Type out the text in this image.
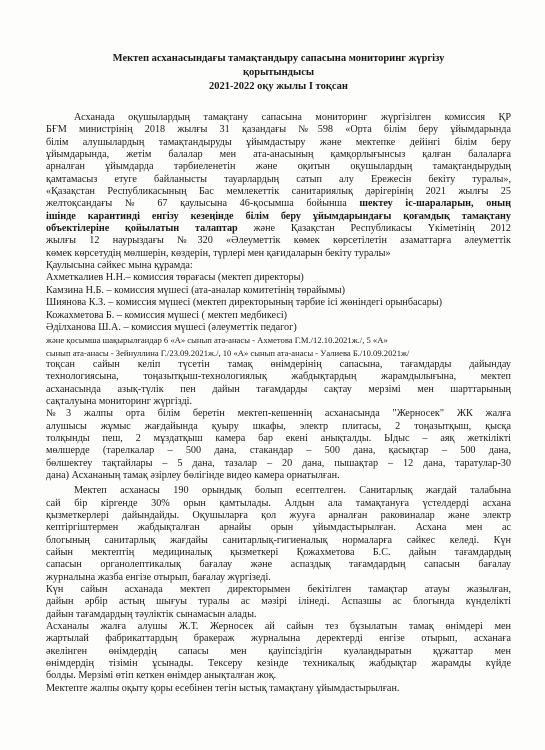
Мектеп асханасындағы тамақтандыру сапасына мониторинг жүргізу
қорытындысы
2021-2022 оқу жылы I тоқсан
Асханада оқушылардың тамақтану сапасына мониторинг жүргізілген комиссия ҚР
БҒМ министрінің 2018 жылғы 31 қазандағы №598 «Орта білім беру ұйымдарында
білім алушылардың тамақтандыруды ұйымдастыру және мектепке дейінгі білім беру
ұйымдарында, жетім балалар мен ата-анасының қамқорлығынсыз қалған балаларға
арналған ұйымдарда тәрбиеленетін және оқитын оқушылардың тамақтандырудың
қамтамасыз етуге байланысты тауарлардың сатып алу Ережесін бекіту туралы»,
«Қазақстан Республикасының Бас мемлекеттік санитариялық дәрігерінің 2021 жылғы 25
желтоқсандағы № 67 қаулысына 46-қосымша бойынша шектеу іс-шараларын, оның
ішінде карантинді енгізу кезеңінде білім беру ұйымдарындағы қоғамдық тамақтану
объектілеріне қойылатын талаптар және Қазақстан Республикасы Үкіметінің 2012
жылғы 12 наурыздағы №320 «Әлеуметтік көмек көрсетілетін азаматтарға әлеуметтік
көмек көрсетудің мөлшерін, көздерін, түрлері мен қағидаларын бекіту туралы»
Қаулысына сәйкес мына құрамда:
Ахметкалиев Н.Н.– комиссия төрағасы (мектеп директоры)
Камзина Н.Б. – комиссия мүшесі (ата-аналар комитетінің төрайымы)
Шиянова К.З. – комиссия мүшесі (мектеп директорының тәрбие ісі жөніндегі орынбасары)
Кожахметова Б. – комиссия мүшесі ( мектеп медбикесі)
Әділханова Ш.А. – комиссия мүшесі (әлеуметтік педагог)
және қосымша шақырылғандар 6 «А» сынып ата-анасы - Ахметова Г.М./12.10.2021ж./, 5 «А»
сынып ата-анасы - Зейнуллина Г./23.09.2021ж./, 10 «А» сынып ата-анасы - Уалиева Б./10.09.2021ж/
тоқсан сайын келіп түсетін тамақ өнімдерінің сапасына, тағамдарды дайындау
технологиясына, тоңазытқыш-технологиялық жабдықтардың жарамдылығына, мектеп
асханасында азық-түлік пен дайын тағамдарды сақтау мерзімі мен шарттарының
сақталуына мониторинг жүргізді.
№3 жалпы орта білім беретін мектеп-кешеннің асханасында "Жерносек" ЖК жалға
алушысы жұмыс жағдайында қуыру шкафы, электр плитасы, 2 тоңазытқыш, қысқа
толқынды пеш, 2 мұздатқыш камера бар екені анықталды. Ыдыс – аяқ жеткілікті
мөлшерде (тарелкалар – 500 дана, стакандар – 500 дана, қасықтар – 500 дана,
бөлшектеу тақтайлары – 5 дана, тазалар – 20 дана, пышақтар – 12 дана, таратулар-30
дана) Асхананың тамақ әзірлеу бөлігінде видео камера орнатылған.
Мектеп асханасы 190 орындық болып есептелген. Санитарлық жағдай талабына
сай бір кіргенде 30% орын қамтылады. Алдын ала тамақтануға үстелдерді асхана
қызметкерлері дайындайды. Оқушыларға қол жууға арналған раковиналар және электр
кептіргіштермен жабдықталған арнайы орын ұйымдастырылған. Асхана мен ас
блогының санитарлық жағдайы санитарлық-гигиеналық нормаларға сәйкес келеді. Күн
сайын мектептің медициналық қызметкері Қожахметова Б.С. дайын тағамдардың
сапасын органолептикалық бағалау және аспаздық тағамдардың сапасын бағалау
журналына жазба енгізе отырып, бағалау жүргізеді.
Күн сайын асханада мектеп директорымен бекітілген тамақтар атауы жазылған,
дайын әрбір астың шығуы туралы ас мәзірі ілінеді. Аспазшы ас блогында күнделікті
дайын тағамдардың тәуліктік сынамасын алады.
Асханалы жалға алушы Ж.Т. Жерносек ай сайын тез бұзылатын тамақ өнімдері мен
жартылай фабрикаттардың бракераж журналына деректерді енгізе отырып, асханаға
әкелінген өнімдердің сапасы мен қауіпсіздігін куәландыратын құжаттар мен
өнімдердің тізімін ұсынады. Тексеру кезінде техникалық жабдықтар жарамды күйде
болды. Мерзімі өтіп кеткен өнімдер анықталған жоқ.
Мектепте жалпы оқыту қоры есебінен тегін ыстық тамақтану ұйымдастырылған.
